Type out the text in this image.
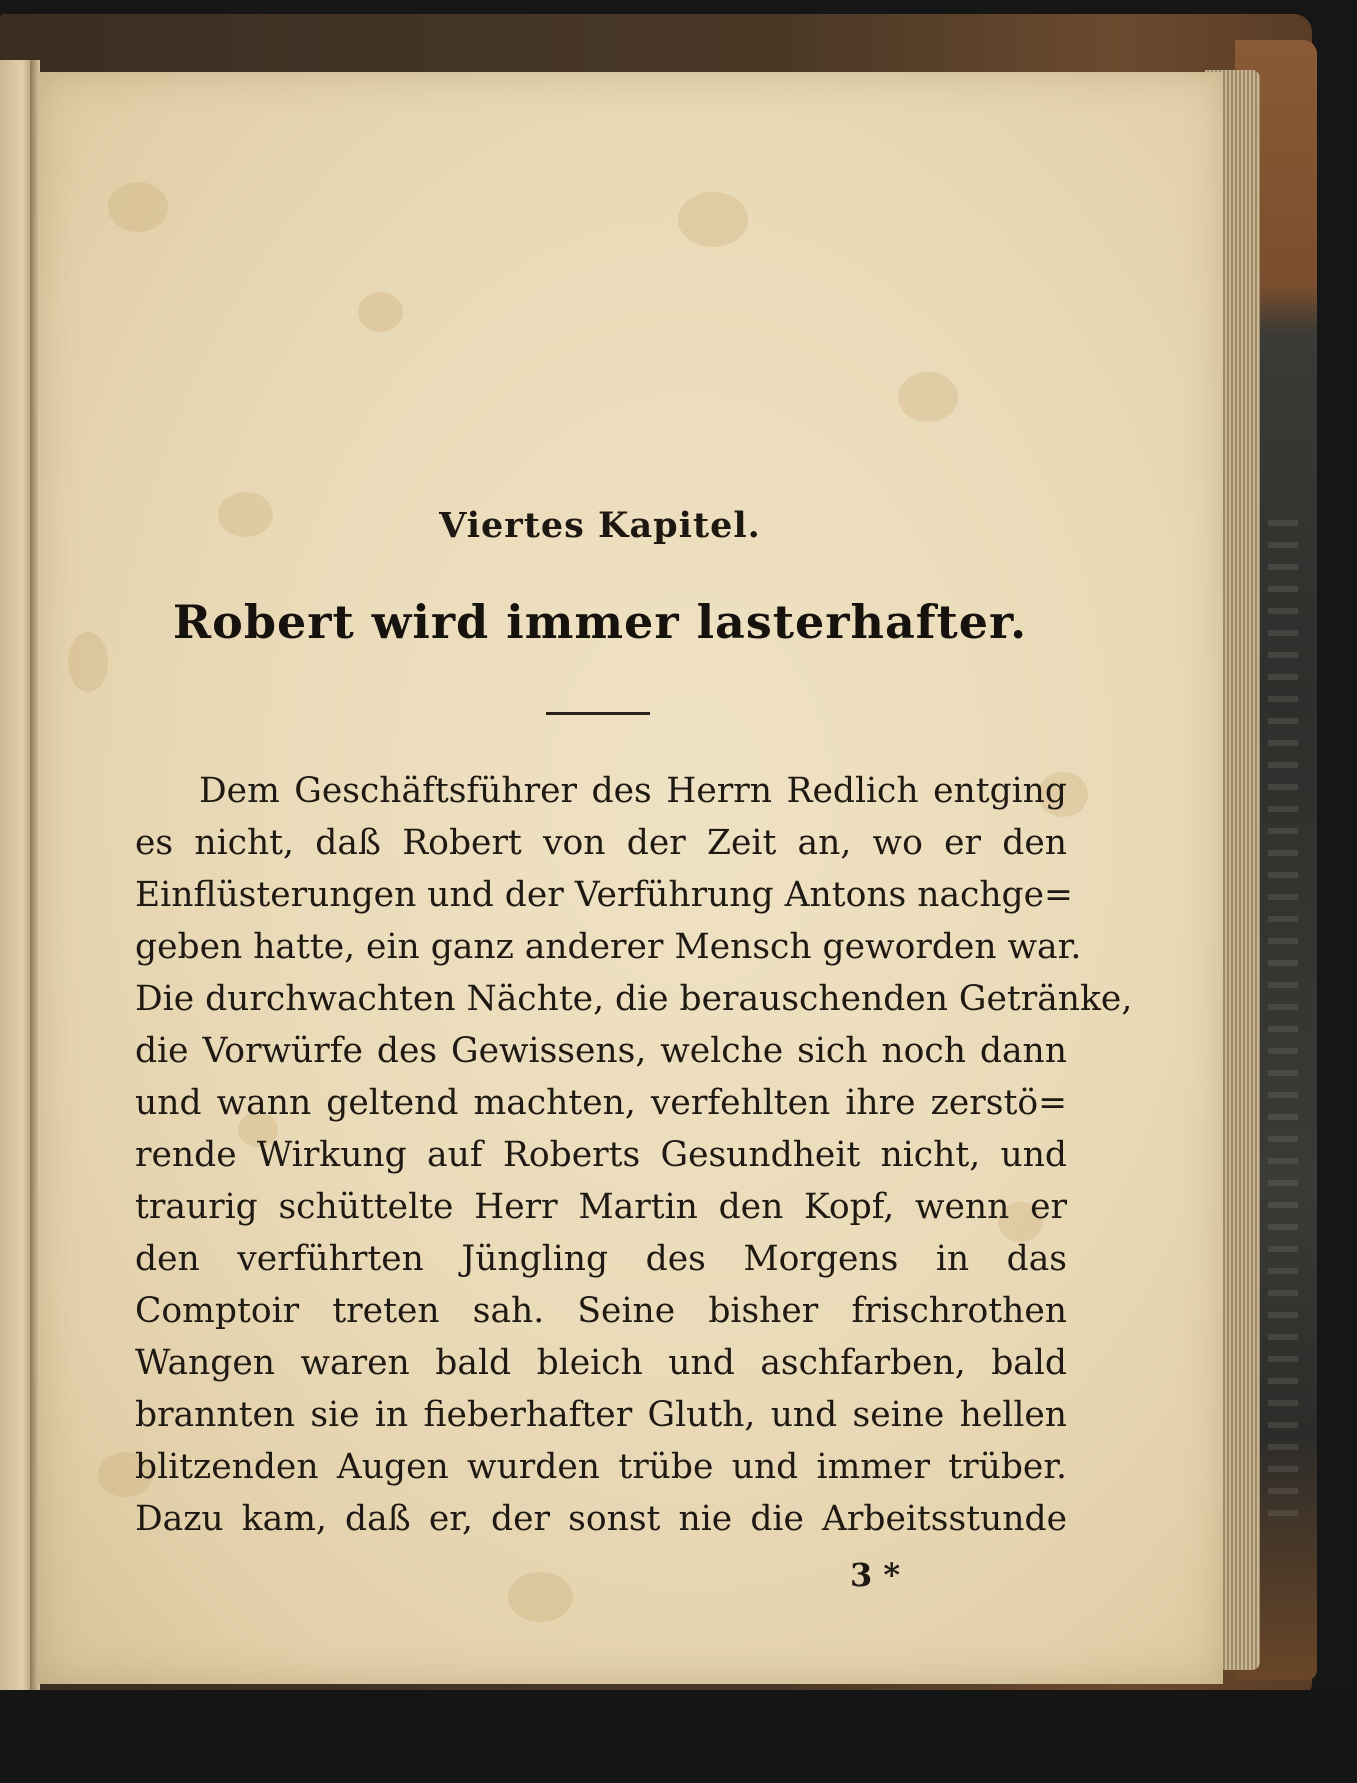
Viertes Kapitel.
Robert wird immer lasterhafter.
Dem Geschäftsführer des Herrn Redlich entging
es nicht, daß Robert von der Zeit an, wo er den
Einflüsterungen und der Verführung Antons nachge=
geben hatte, ein ganz anderer Mensch geworden war.
Die durchwachten Nächte, die berauschenden Getränke,
die Vorwürfe des Gewissens, welche sich noch dann
und wann geltend machten, verfehlten ihre zerstö=
rende Wirkung auf Roberts Gesundheit nicht, und
traurig schüttelte Herr Martin den Kopf, wenn er
den verführten Jüngling des Morgens in das
Comptoir treten sah. Seine bisher frischrothen
Wangen waren bald bleich und aschfarben, bald
brannten sie in fieberhafter Gluth, und seine hellen
blitzenden Augen wurden trübe und immer trüber.
Dazu kam, daß er, der sonst nie die Arbeitsstunde
3 *
